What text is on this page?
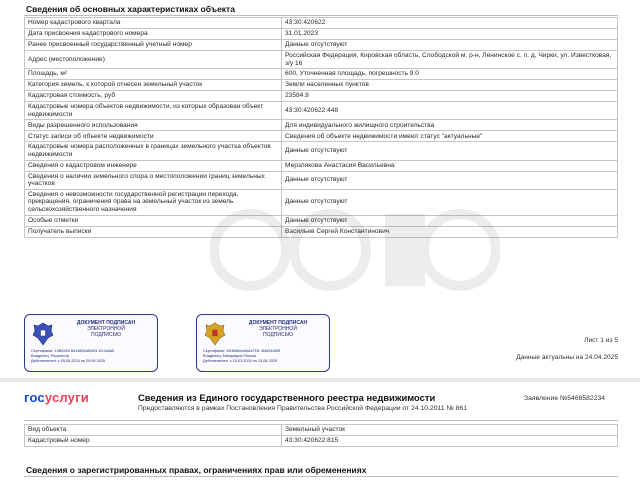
Сведения об основных характеристиках объекта
Номер кадастрового квартала	43:30:420622
Дата присвоения кадастрового номера	31.01.2023
Ранее присвоенный государственный учетный номер	Данные отсутствуют
Адрес (местоположение)	Российская Федерация, Кировская область, Слободской м. р-н, Ленинское с. п. д. Чирки, ул. Известковая, з/у 16
Площадь, м²	600, Уточненная площадь, погрешность 9.0
Категория земель, к которой отнесен земельный участок	Земли населенных пунктов
Кадастровая стоимость, руб	23584.9
Кадастровые номера объектов недвижимости, из которых образован объект недвижимости	43:30:420622:448
Виды разрешенного использования	Для индивидуального жилищного строительства
Статус записи об объекте недвижимости	Сведения об объекте недвижимости имеют статус "актуальные"
Кадастровые номера расположенных в границах земельного участка объектов недвижимости	Данные отсутствуют
Сведения о кадастровом инженере	Мерзлякова Анастасия Васильевна
Сведения о наличии земельного спора о местоположении границ земельных участков	Данные отсутствуют
Сведения о невозможности государственной регистрации перехода, прекращения, ограничения права на земельный участок из земель сельскохозяйственного назначения	Данные отсутствуют
Особые отметки	Данные отсутствуют
Получатель выписки	Васильев Сергей Константинович
ДОКУМЕНТ ПОДПИСАН
ЭЛЕКТРОННОЙ
ПОДПИСЬЮ
Сертификат: 10B6394 6d1460baf5493 1f14d4a5
Владелец: Росреестр
Действителен: с 05.06.2024 по 29.08.2025
ДОКУМЕНТ ПОДПИСАН
ЭЛЕКТРОННОЙ
ПОДПИСЬЮ
Сертификат: bf1898ebc6a1b7f11 4f4d91b55f
Владелец: Минцифры России
Действителен: с 15.03.2024 по 13.06.2025
Лист 1 из 5
Данные актуальны на 24.04.2025
госуслуги	Сведения из Единого государственного реестра недвижимости
Предоставляются в рамках Постановления Правительства Российской Федерации от 24.10.2011 № 861
Заявление №5468582234
Вид объекта	Земельный участок
Кадастровый номер	43:30:420622:815
Сведения о зарегистрированных правах, ограничениях прав или обременениях
